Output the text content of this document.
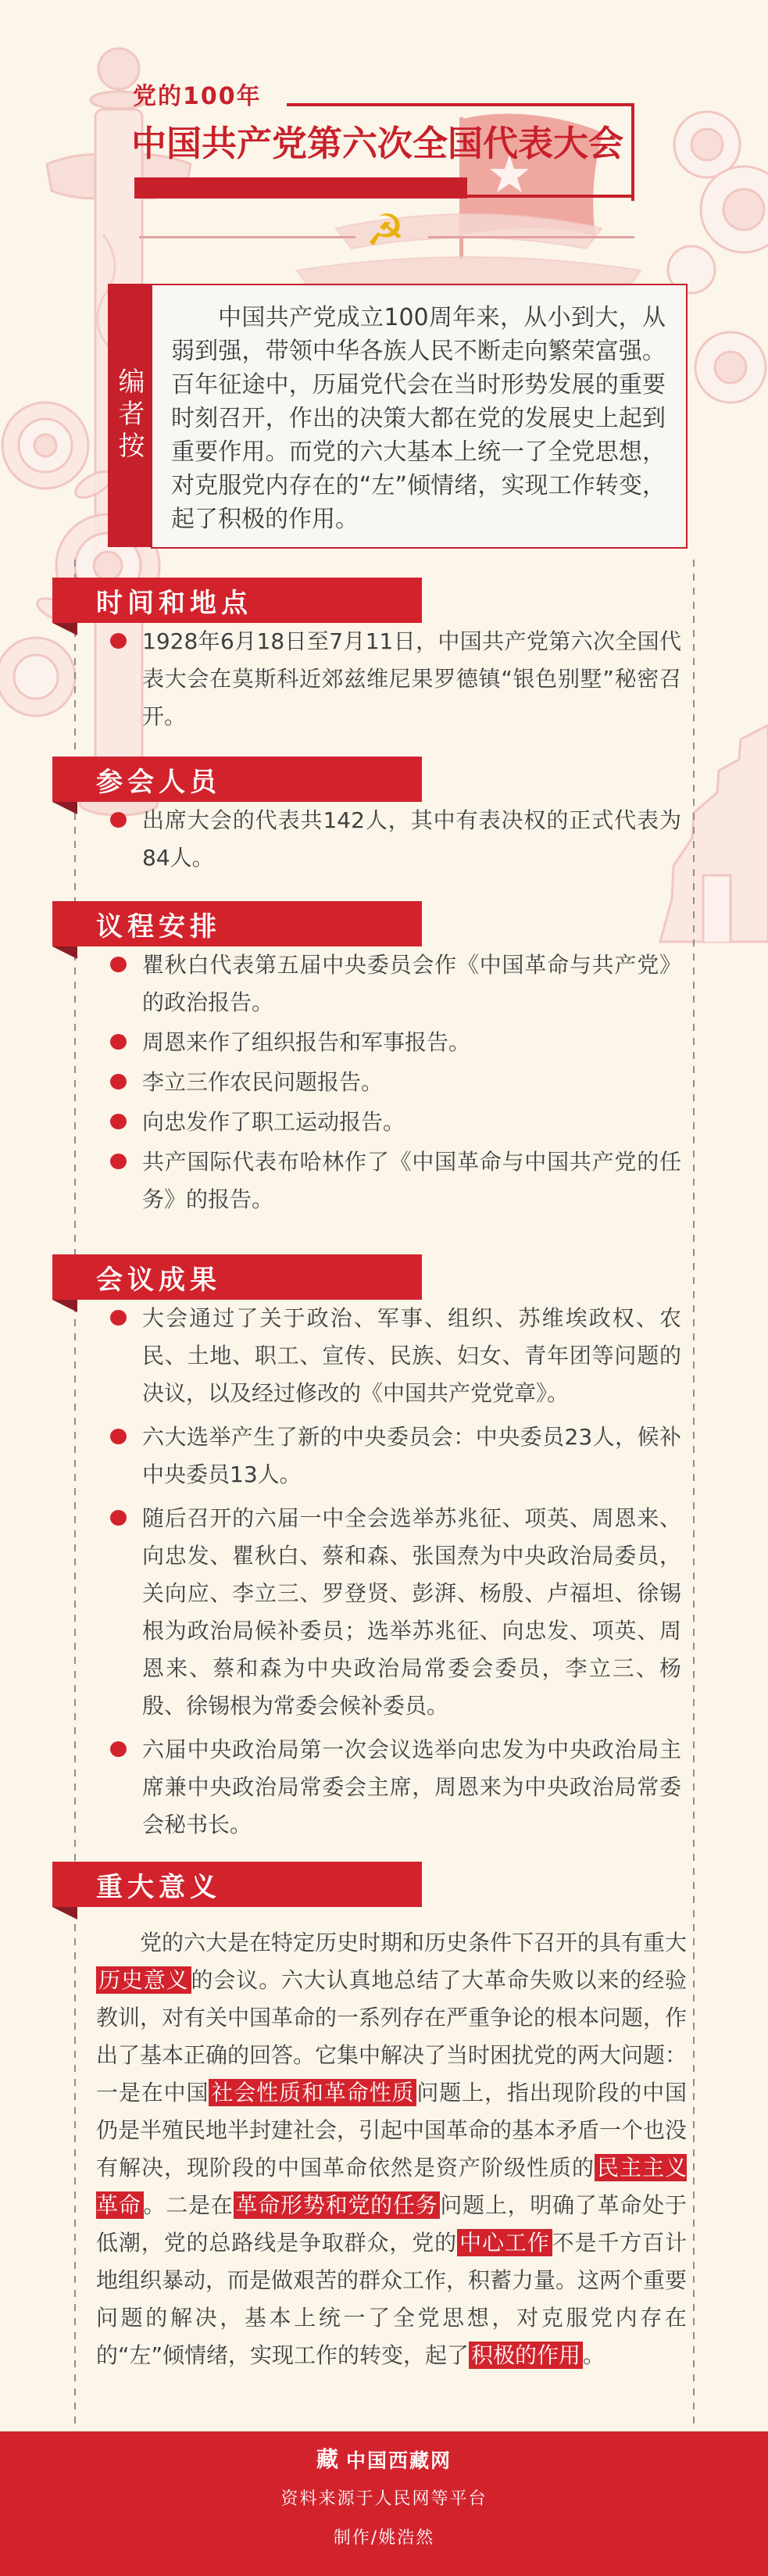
党的100年
中国共产党第六次全国代表大会
☭
编者按

中国共产党成立100周年来，从小到大，从弱到强，带领中华各族人民不断走向繁荣富强。百年征途中，历届党代会在当时形势发展的重要时刻召开，作出的决策大都在党的发展史上起到重要作用。而党的六大基本上统一了全党思想，对克服党内存在的“左”倾情绪，实现工作转变，起了积极的作用。

时间和地点
1928年6月18日至7月11日，中国共产党第六次全国代表大会在莫斯科近郊兹维尼果罗德镇“银色别墅”秘密召开。
参会人员
出席大会的代表共142人，其中有表决权的正式代表为84人。
议程安排
瞿秋白代表第五届中央委员会作《中国革命与共产党》的政治报告。
周恩来作了组织报告和军事报告。
李立三作农民问题报告。
向忠发作了职工运动报告。
共产国际代表布哈林作了《中国革命与中国共产党的任务》的报告。
会议成果
大会通过了关于政治、军事、组织、苏维埃政权、农民、土地、职工、宣传、民族、妇女、青年团等问题的决议，以及经过修改的《中国共产党党章》。
六大选举产生了新的中央委员会：中央委员23人，候补中央委员13人。
随后召开的六届一中全会选举苏兆征、项英、周恩来、向忠发、瞿秋白、蔡和森、张国焘为中央政治局委员，关向应、李立三、罗登贤、彭湃、杨殷、卢福坦、徐锡根为政治局候补委员；选举苏兆征、向忠发、项英、周恩来、蔡和森为中央政治局常委会委员，李立三、杨殷、徐锡根为常委会候补委员。
六届中央政治局第一次会议选举向忠发为中央政治局主席兼中央政治局常委会主席，周恩来为中央政治局常委会秘书长。
重大意义

党的六大是在特定历史时期和历史条件下召开的具有重大历史意义 的会议。六大认真地总结了大革命失败以来的经验教训，对有关中国革命的一系列存在严重争论的根本问题，作出了基本正确的回答。它集中解决了当时困扰党的两大问题：一是在中国 社会性质和革命性质 问题上，指出现阶段的中国仍是半殖民地半封建社会，引起中国革命的基本矛盾一个也没有解决，现阶段的中国革命依然是资产阶级性质的 民主主义革命 。二是在 革命形势和党的任务 问题上，明确了革命处于低潮，党的总路线是争取群众，党的 中心工作 不是千方百计地组织暴动，而是做艰苦的群众工作，积蓄力量。这两个重要问题的解决，基本上统一了全党思想，对克服党内存在的“左”倾情绪，实现工作的转变，起了 积极的作用 。

藏 中国西藏网
资料来源于人民网等平台
制作/姚浩然
